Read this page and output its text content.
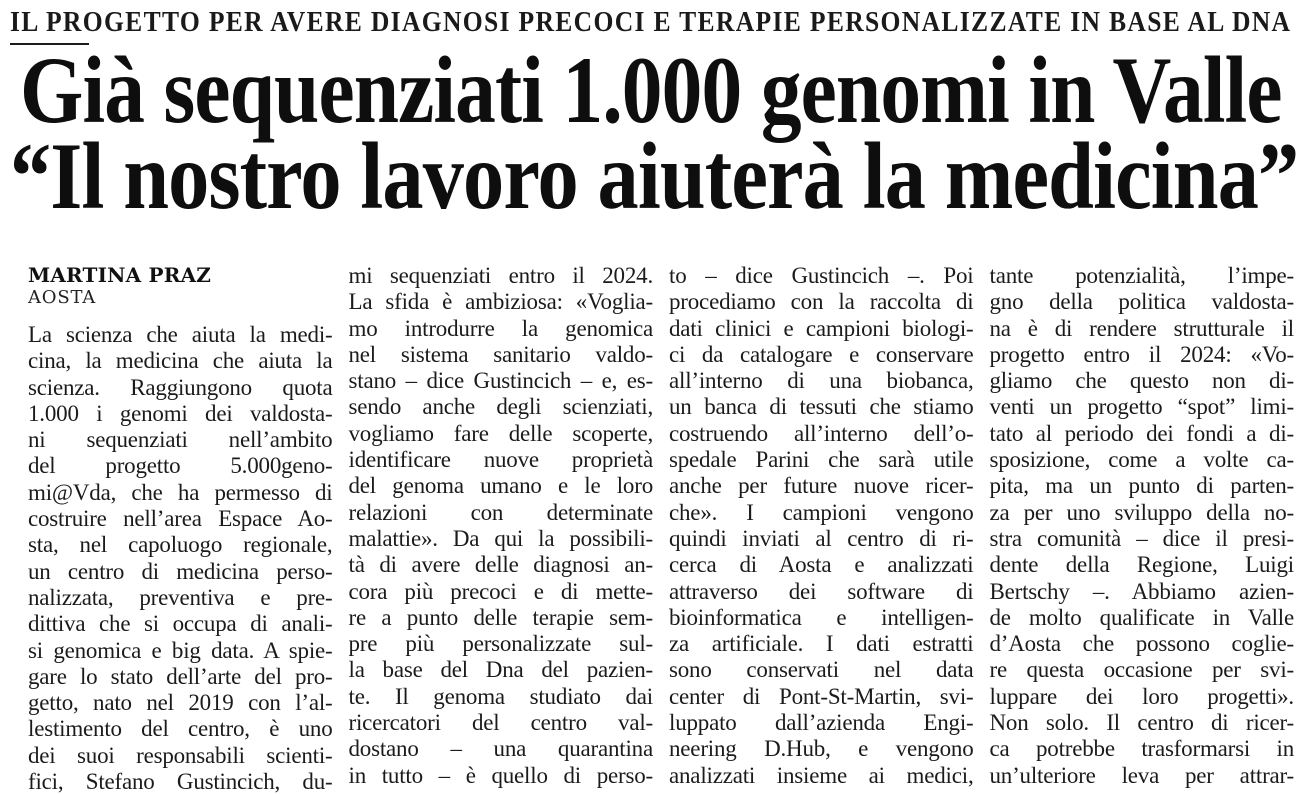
IL PROGETTO PER AVERE DIAGNOSI PRECOCI E TERAPIE PERSONALIZZATE IN BASE AL DNA
Già sequenziati 1.000 genomi in Valle
“Il nostro lavoro aiuterà la medicina”
MARTINA PRAZ
AOSTA
La scienza che aiuta la medi-
cina, la medicina che aiuta la
scienza. Raggiungono quota
1.000 i genomi dei valdosta-
ni sequenziati nell’ambito
del progetto 5.000geno-
mi@Vda, che ha permesso di
costruire nell’area Espace Ao-
sta, nel capoluogo regionale,
un centro di medicina perso-
nalizzata, preventiva e pre-
dittiva che si occupa di anali-
si genomica e big data. A spie-
gare lo stato dell’arte del pro-
getto, nato nel 2019 con l’al-
lestimento del centro, è uno
dei suoi responsabili scienti-
fici, Stefano Gustincich, du-
mi sequenziati entro il 2024.
La sfida è ambiziosa: «Voglia-
mo introdurre la genomica
nel sistema sanitario valdo-
stano – dice Gustincich – e, es-
sendo anche degli scienziati,
vogliamo fare delle scoperte,
identificare nuove proprietà
del genoma umano e le loro
relazioni con determinate
malattie». Da qui la possibili-
tà di avere delle diagnosi an-
cora più precoci e di mette-
re a punto delle terapie sem-
pre più personalizzate sul-
la base del Dna del pazien-
te. Il genoma studiato dai
ricercatori del centro val-
dostano – una quarantina
in tutto – è quello di perso-
to – dice Gustincich –. Poi
procediamo con la raccolta di
dati clinici e campioni biologi-
ci da catalogare e conservare
all’interno di una biobanca,
un banca di tessuti che stiamo
costruendo all’interno dell’o-
spedale Parini che sarà utile
anche per future nuove ricer-
che». I campioni vengono
quindi inviati al centro di ri-
cerca di Aosta e analizzati
attraverso dei software di
bioinformatica e intelligen-
za artificiale. I dati estratti
sono conservati nel data
center di Pont-St-Martin, svi-
luppato dall’azienda Engi-
neering D.Hub, e vengono
analizzati insieme ai medici,
tante potenzialità, l’impe-
gno della politica valdosta-
na è di rendere strutturale il
progetto entro il 2024: «Vo-
gliamo che questo non di-
venti un progetto “spot” limi-
tato al periodo dei fondi a di-
sposizione, come a volte ca-
pita, ma un punto di parten-
za per uno sviluppo della no-
stra comunità – dice il presi-
dente della Regione, Luigi
Bertschy –. Abbiamo azien-
de molto qualificate in Valle
d’Aosta che possono coglie-
re questa occasione per svi-
luppare dei loro progetti».
Non solo. Il centro di ricer-
ca potrebbe trasformarsi in
un’ulteriore leva per attrar-
